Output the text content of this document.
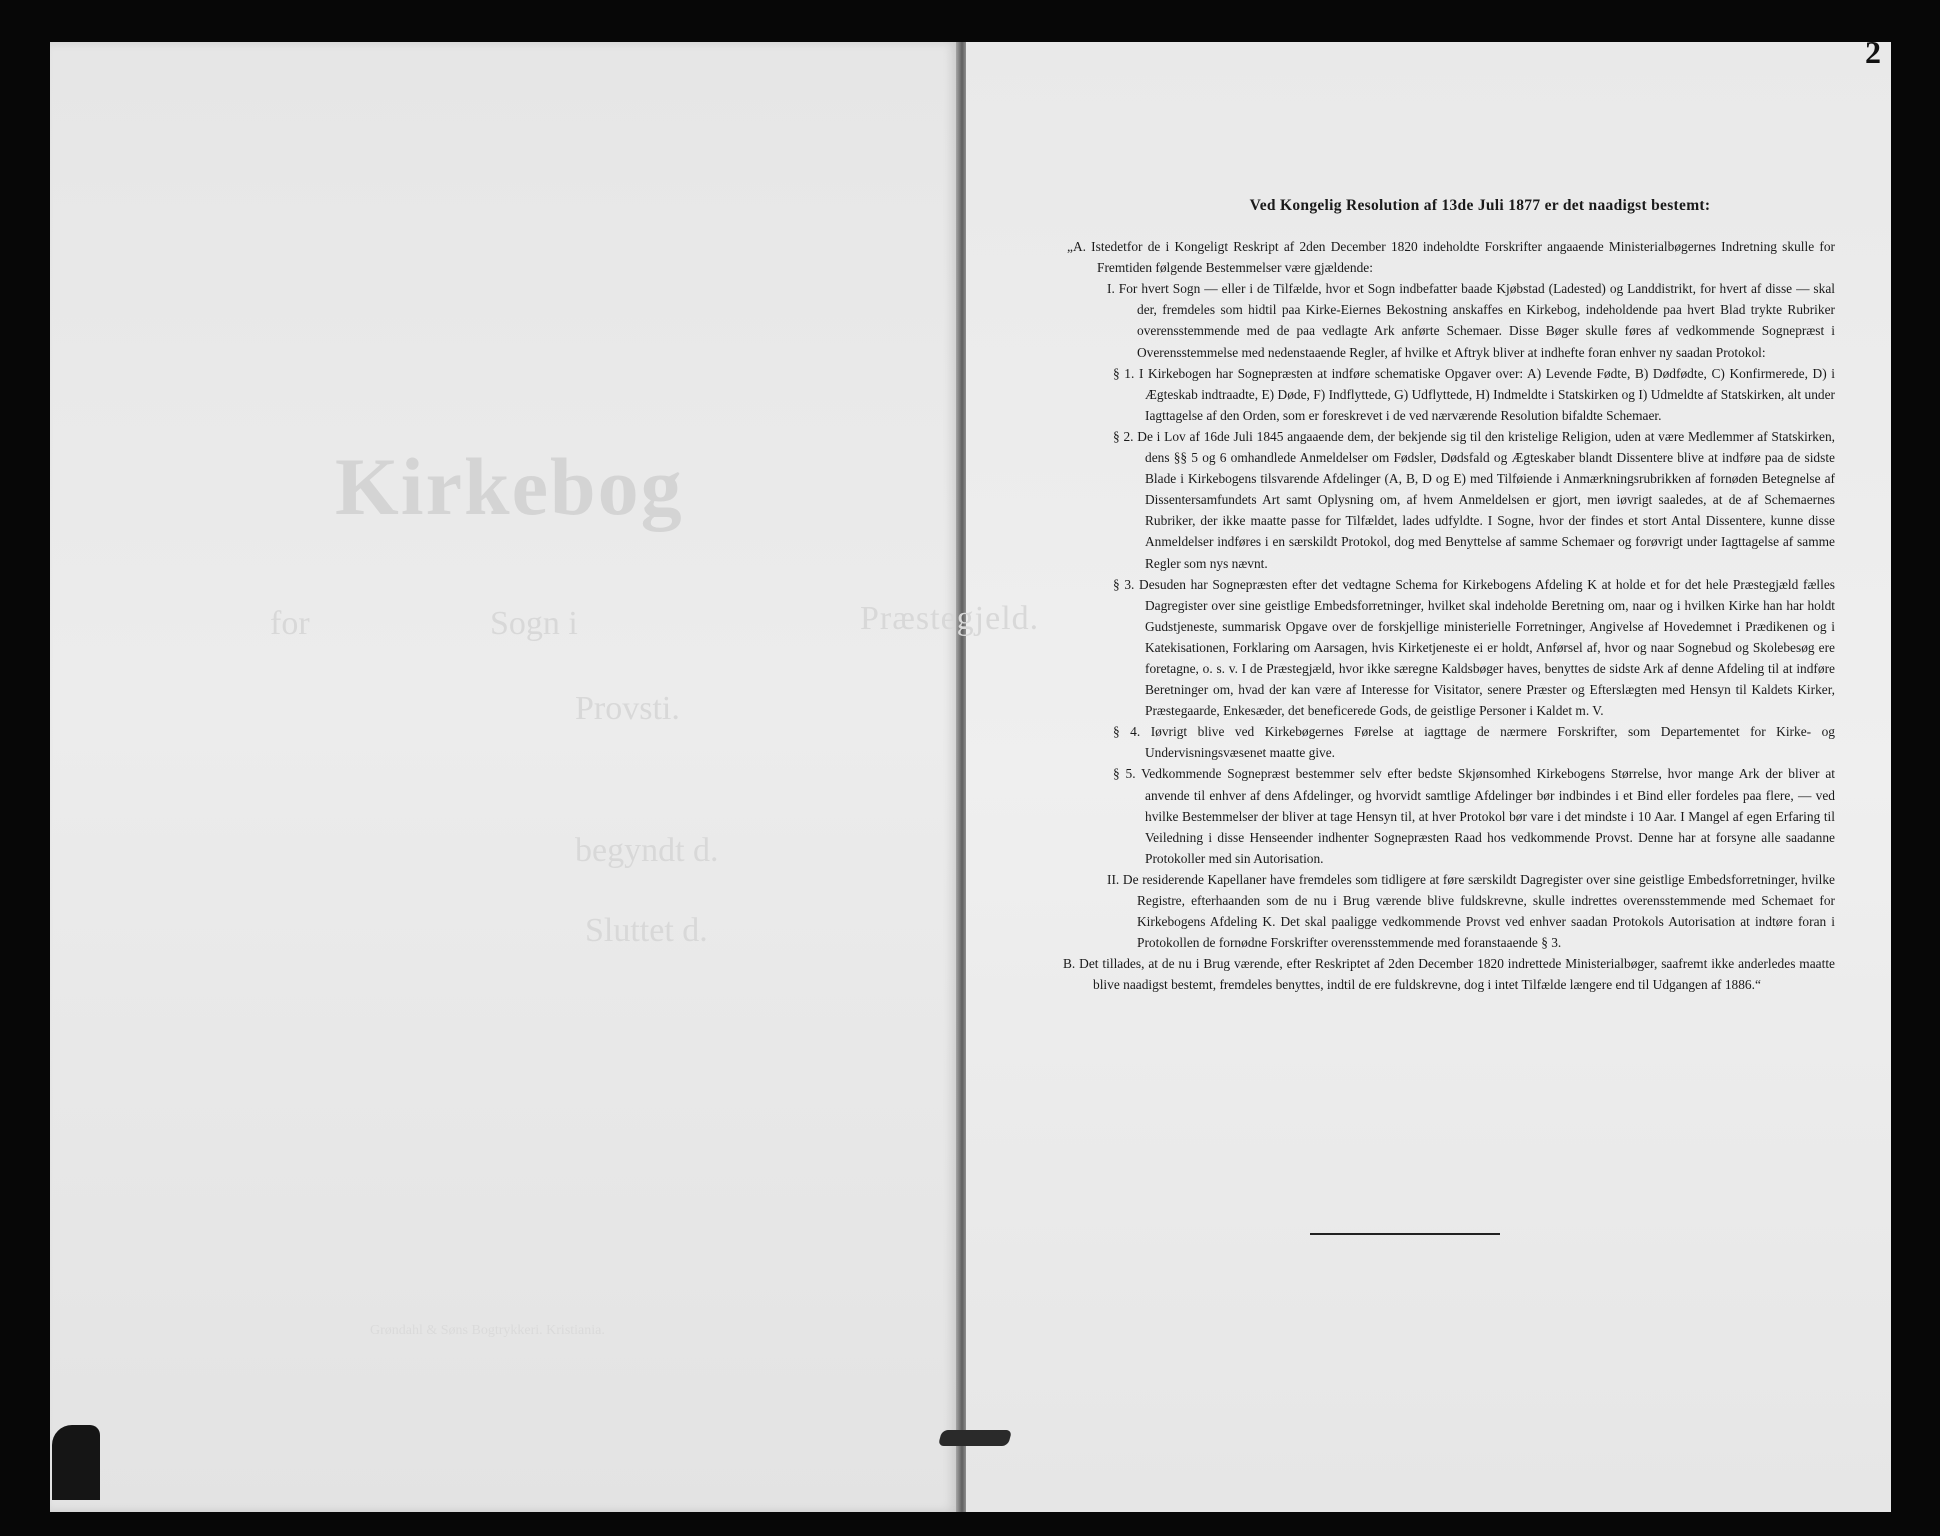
Kirkebog
for	Sogn i	Præstegjeld.
Provsti.
begyndt d.
Sluttet d.
Grøndahl & Søns Bogtrykkeri. Kristiania.
2

Ved Kongelig Resolution af 13de Juli 1877 er det naadigst bestemt:

„A. Istedetfor de i Kongeligt Reskript af 2den December 1820 indeholdte Forskrifter angaaende Ministerialbøgernes Indretning skulle for Fremtiden følgende Bestemmelser være gjældende:

I. For hvert Sogn — eller i de Tilfælde, hvor et Sogn indbefatter baade Kjøbstad (Ladested) og Landdistrikt, for hvert af disse — skal der, fremdeles som hidtil paa Kirke-Eiernes Bekostning anskaffes en Kirkebog, indeholdende paa hvert Blad trykte Rubriker overensstemmende med de paa vedlagte Ark anførte Schemaer. Disse Bøger skulle føres af vedkommende Sognepræst i Overensstemmelse med nedenstaaende Regler, af hvilke et Aftryk bliver at indhefte foran enhver ny saadan Protokol:

§ 1. I Kirkebogen har Sognepræsten at indføre schematiske Opgaver over: A) Levende Fødte, B) Dødfødte, C) Konfirmerede, D) i Ægteskab indtraadte, E) Døde, F) Indflyttede, G) Udflyttede, H) Indmeldte i Statskirken og I) Udmeldte af Statskirken, alt under Iagttagelse af den Orden, som er foreskrevet i de ved nærværende Resolution bifaldte Schemaer.

§ 2. De i Lov af 16de Juli 1845 angaaende dem, der bekjende sig til den kristelige Religion, uden at være Medlemmer af Statskirken, dens §§ 5 og 6 omhandlede Anmeldelser om Fødsler, Dødsfald og Ægteskaber blandt Dissentere blive at indføre paa de sidste Blade i Kirkebogens tilsvarende Afdelinger (A, B, D og E) med Tilføiende i Anmærkningsrubrikken af fornøden Betegnelse af Dissentersamfundets Art samt Oplysning om, af hvem Anmeldelsen er gjort, men iøvrigt saaledes, at de af Schemaernes Rubriker, der ikke maatte passe for Tilfældet, lades udfyldte. I Sogne, hvor der findes et stort Antal Dissentere, kunne disse Anmeldelser indføres i en særskildt Protokol, dog med Benyttelse af samme Schemaer og forøvrigt under Iagttagelse af samme Regler som nys nævnt.

§ 3. Desuden har Sognepræsten efter det vedtagne Schema for Kirkebogens Afdeling K at holde et for det hele Præstegjæld fælles Dagregister over sine geistlige Embedsforretninger, hvilket skal indeholde Beretning om, naar og i hvilken Kirke han har holdt Gudstjeneste, summarisk Opgave over de forskjellige ministerielle Forretninger, Angivelse af Hovedemnet i Prædikenen og i Katekisationen, Forklaring om Aarsagen, hvis Kirketjeneste ei er holdt, Anførsel af, hvor og naar Sognebud og Skolebesøg ere foretagne, o. s. v. I de Præstegjæld, hvor ikke særegne Kaldsbøger haves, benyttes de sidste Ark af denne Afdeling til at indføre Beretninger om, hvad der kan være af Interesse for Visitator, senere Præster og Efterslægten med Hensyn til Kaldets Kirker, Præstegaarde, Enkesæder, det beneficerede Gods, de geistlige Personer i Kaldet m. V.

§ 4. Iøvrigt blive ved Kirkebøgernes Førelse at iagttage de nærmere Forskrifter, som Departementet for Kirke- og Undervisningsvæsenet maatte give.

§ 5. Vedkommende Sognepræst bestemmer selv efter bedste Skjønsomhed Kirkebogens Størrelse, hvor mange Ark der bliver at anvende til enhver af dens Afdelinger, og hvorvidt samtlige Afdelinger bør indbindes i et Bind eller fordeles paa flere, — ved hvilke Bestemmelser der bliver at tage Hensyn til, at hver Protokol bør vare i det mindste i 10 Aar. I Mangel af egen Erfaring til Veiledning i disse Henseender indhenter Sognepræsten Raad hos vedkommende Provst. Denne har at forsyne alle saadanne Protokoller med sin Autorisation.

II. De residerende Kapellaner have fremdeles som tidligere at føre særskildt Dagregister over sine geistlige Embedsforretninger, hvilke Registre, efterhaanden som de nu i Brug værende blive fuldskrevne, skulle indrettes overensstemmende med Schemaet for Kirkebogens Afdeling K. Det skal paaligge vedkommende Provst ved enhver saadan Protokols Autorisation at indtøre foran i Protokollen de fornødne Forskrifter overensstemmende med foranstaaende § 3.

B. Det tillades, at de nu i Brug værende, efter Reskriptet af 2den December 1820 indrettede Ministerialbøger, saafremt ikke anderledes maatte blive naadigst bestemt, fremdeles benyttes, indtil de ere fuldskrevne, dog i intet Tilfælde længere end til Udgangen af 1886.“
